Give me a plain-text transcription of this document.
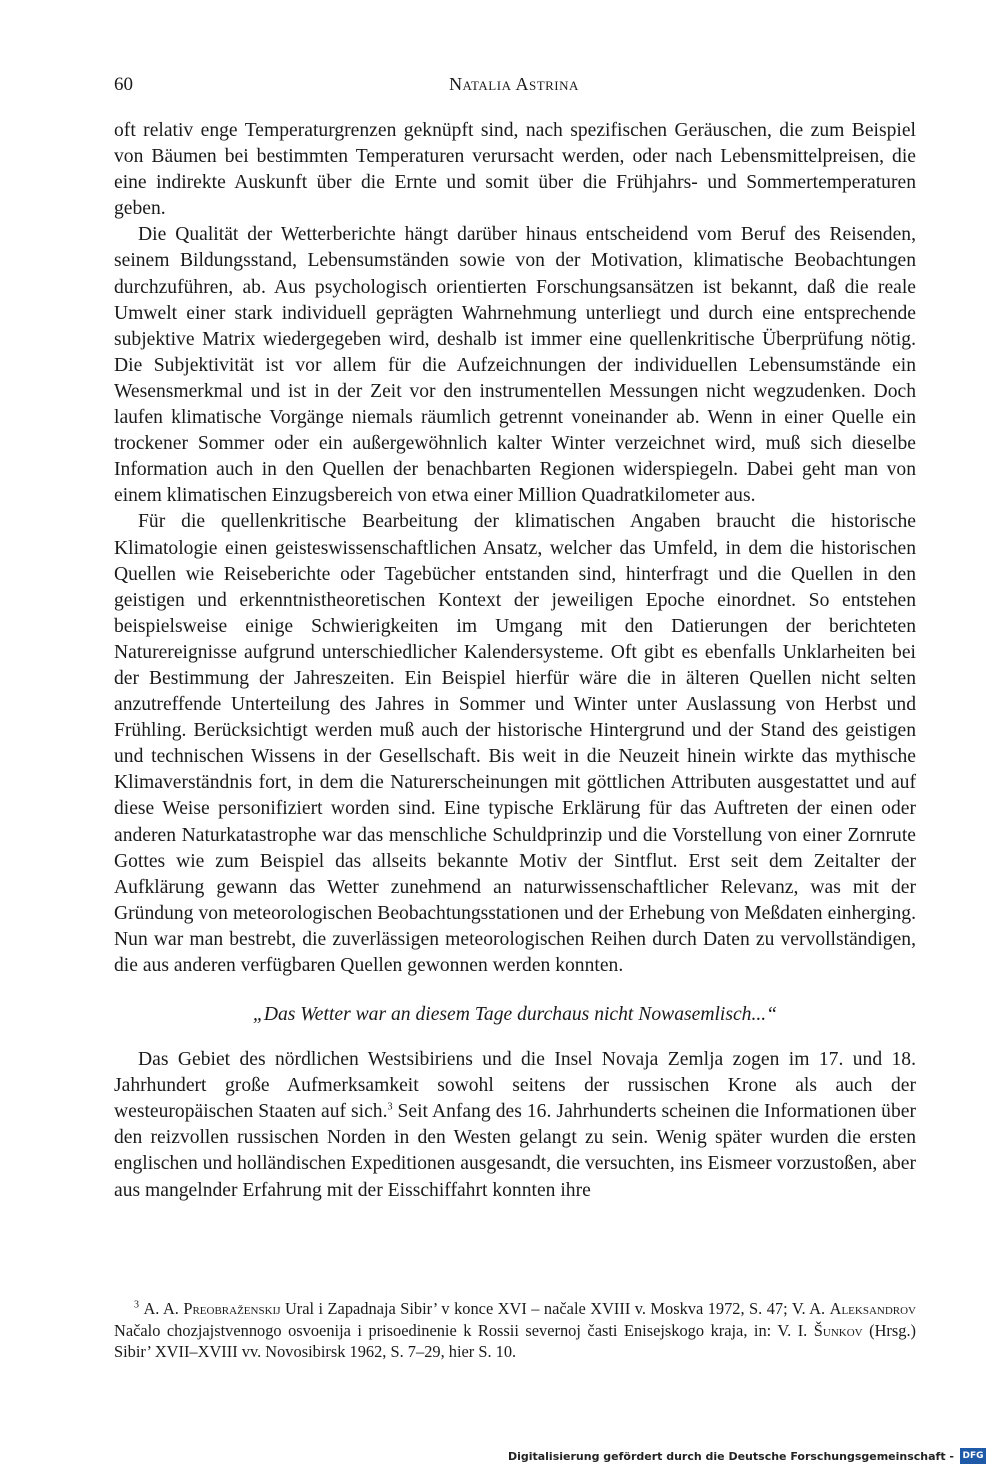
60	Natalia Astrina

oft relativ enge Temperaturgrenzen geknüpft sind, nach spezifischen Geräuschen, die zum Beispiel von Bäumen bei bestimmten Temperaturen verursacht werden, oder nach Lebensmittelpreisen, die eine indirekte Auskunft über die Ernte und somit über die Frühjahrs- und Sommertemperaturen geben.

Die Qualität der Wetterberichte hängt darüber hinaus entscheidend vom Beruf des Reisenden, seinem Bildungsstand, Lebensumständen sowie von der Motivation, klimatische Beobachtungen durchzuführen, ab. Aus psychologisch orientierten Forschungsansätzen ist bekannt, daß die reale Umwelt einer stark individuell geprägten Wahrnehmung unterliegt und durch eine entsprechende subjektive Matrix wiedergegeben wird, deshalb ist immer eine quellenkritische Überprüfung nötig. Die Subjektivität ist vor allem für die Aufzeichnungen der individuellen Lebensumstände ein Wesensmerkmal und ist in der Zeit vor den instrumentellen Messungen nicht wegzudenken. Doch laufen klimatische Vorgänge niemals räumlich getrennt voneinander ab. Wenn in einer Quelle ein trockener Sommer oder ein außergewöhnlich kalter Winter verzeichnet wird, muß sich dieselbe Information auch in den Quellen der benachbarten Regionen widerspiegeln. Dabei geht man von einem klimatischen Einzugsbereich von etwa einer Million Quadratkilometer aus.

Für die quellenkritische Bearbeitung der klimatischen Angaben braucht die historische Klimatologie einen geisteswissenschaftlichen Ansatz, welcher das Umfeld, in dem die historischen Quellen wie Reiseberichte oder Tagebücher entstanden sind, hinterfragt und die Quellen in den geistigen und erkenntnistheoretischen Kontext der jeweiligen Epoche einordnet. So entstehen beispielsweise einige Schwierigkeiten im Umgang mit den Datierungen der berichteten Naturereignisse aufgrund unterschiedlicher Kalendersysteme. Oft gibt es ebenfalls Unklarheiten bei der Bestimmung der Jahreszeiten. Ein Beispiel hierfür wäre die in älteren Quellen nicht selten anzutreffende Unterteilung des Jahres in Sommer und Winter unter Auslassung von Herbst und Frühling. Berücksichtigt werden muß auch der historische Hintergrund und der Stand des geistigen und technischen Wissens in der Gesellschaft. Bis weit in die Neuzeit hinein wirkte das mythische Klimaverständnis fort, in dem die Naturerscheinungen mit göttlichen Attributen ausgestattet und auf diese Weise personifiziert worden sind. Eine typische Erklärung für das Auftreten der einen oder anderen Naturkatastrophe war das menschliche Schuldprinzip und die Vorstellung von einer Zornrute Gottes wie zum Beispiel das allseits bekannte Motiv der Sintflut. Erst seit dem Zeitalter der Aufklärung gewann das Wetter zunehmend an naturwissenschaftlicher Relevanz, was mit der Gründung von meteorologischen Beobachtungsstationen und der Erhebung von Meßdaten einherging. Nun war man bestrebt, die zuverlässigen meteorologischen Reihen durch Daten zu vervollständigen, die aus anderen verfügbaren Quellen gewonnen werden konnten.

„Das Wetter war an diesem Tage durchaus nicht Nowasemlisch...“

Das Gebiet des nördlichen Westsibiriens und die Insel Novaja Zemlja zogen im 17. und 18. Jahrhundert große Aufmerksamkeit sowohl seitens der russischen Krone als auch der westeuropäischen Staaten auf sich.$^3$ Seit Anfang des 16. Jahrhunderts scheinen die Informationen über den reizvollen russischen Norden in den Westen gelangt zu sein. Wenig später wurden die ersten englischen und holländischen Expeditionen ausgesandt, die versuchten, ins Eismeer vorzustoßen, aber aus mangelnder Erfahrung mit der Eisschiffahrt konnten ihre

$^3$ A. A. Preobraženskij Ural i Zapadnaja Sibir’ v konce XVI – načale XVIII v. Moskva 1972, S. 47; V. A. Aleksandrov Načalo chozjajstvennogo osvoenija i prisoedinenie k Rossii severnoj časti Enisejskogo kraja, in: V. I. Šunkov (Hrsg.) Sibir’ XVII–XVIII vv. Novosibirsk 1962, S. 7–29, hier S. 10.

Digitalisierung gefördert durch die Deutsche Forschungsgemeinschaft - DFG
